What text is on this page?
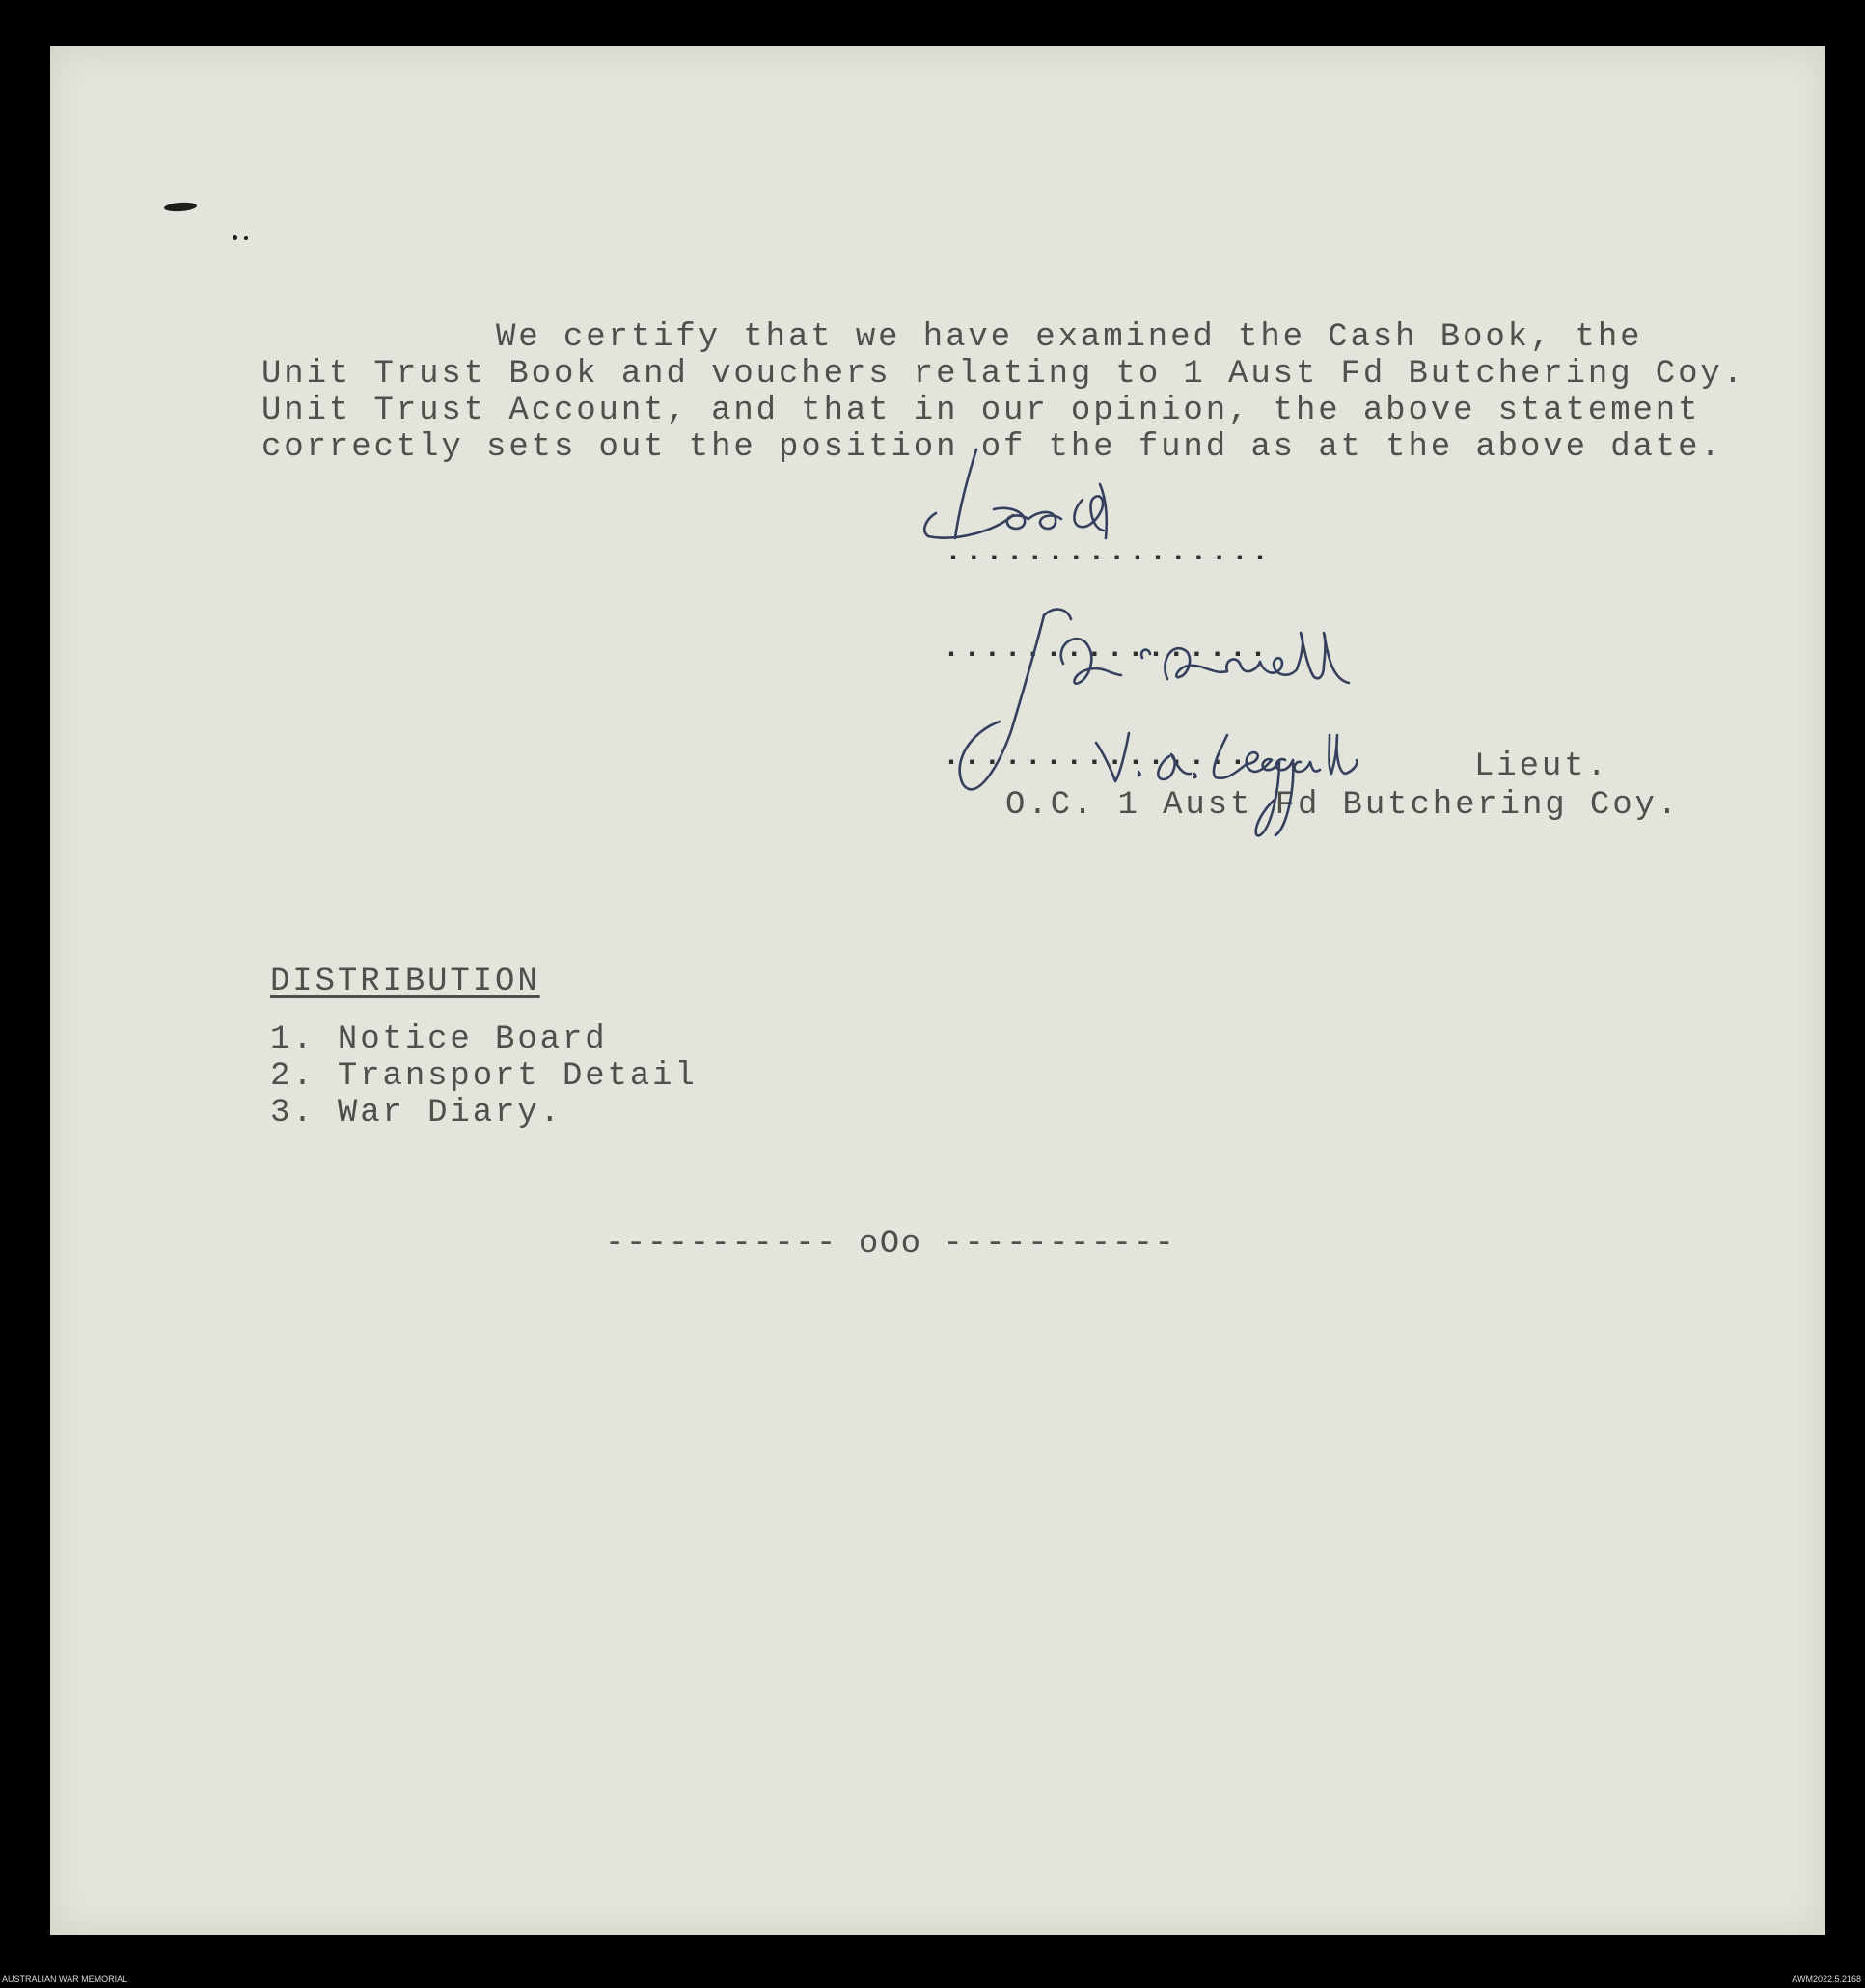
We certify that we have examined the Cash Book, the
Unit Trust Book and vouchers relating to 1 Aust Fd Butchering Coy.
Unit Trust Account, and that in our opinion, the above statement
correctly sets out the position of the fund as at the above date.
................
................
...............	Lieut.
O.C. 1 Aust Fd Butchering Coy.
DISTRIBUTION
1. Notice Board
2. Transport Detail
3. War Diary.
----------- oOo -----------
AUSTRALIAN WAR MEMORIAL	AWM2022.5.2168
